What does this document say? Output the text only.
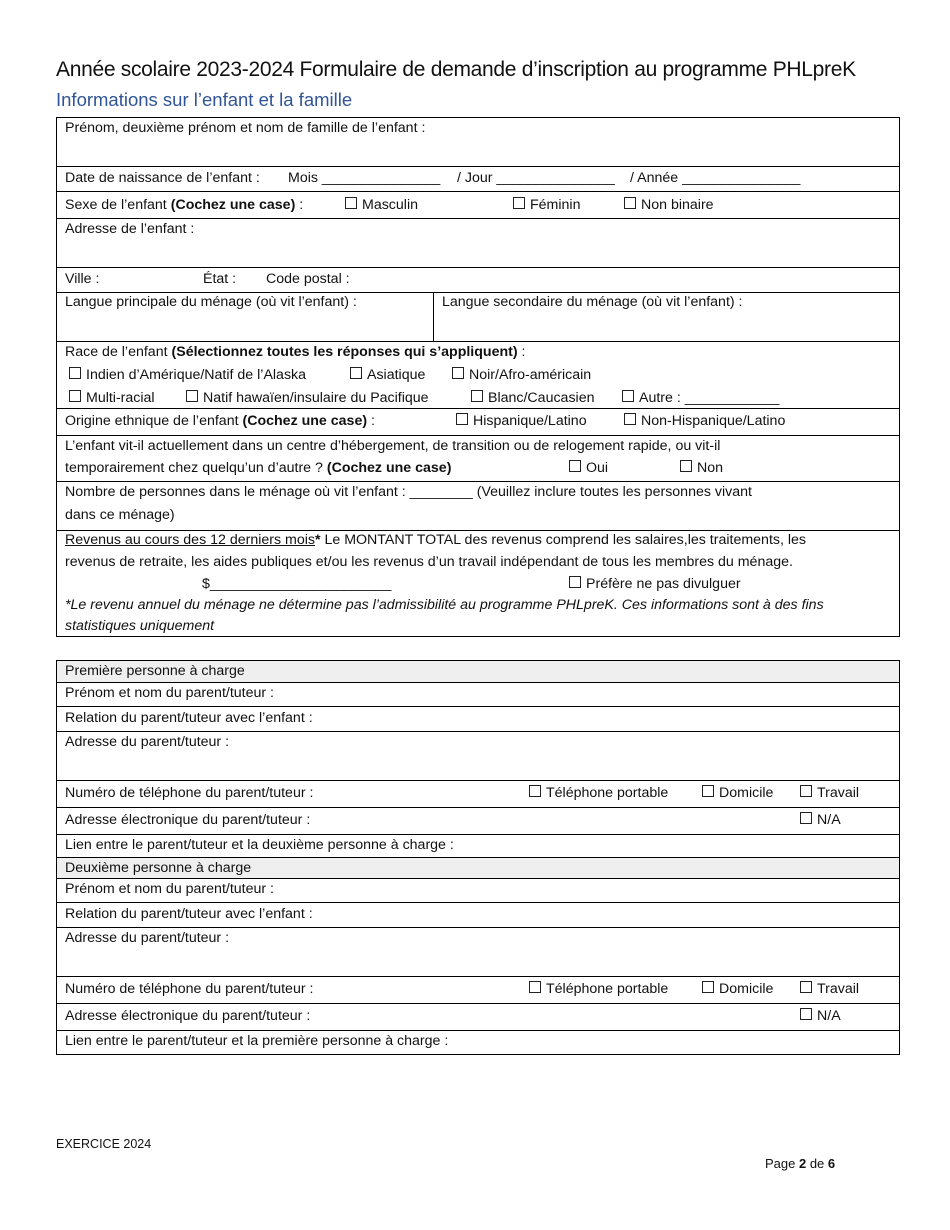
Année scolaire 2023-2024 Formulaire de demande d’inscription au programme PHLpreK
Informations sur l’enfant et la famille
Prénom, deuxième prénom et nom de famille de l’enfant :
Date de naissance de l’enfant : Mois _______________ / Jour _______________ / Année _______________
Sexe de l’enfant (Cochez une case) :	Masculin	Féminin	Non binaire
Adresse de l’enfant :
Ville :	État : Code postal :
Langue principale du ménage (où vit l’enfant) :	Langue secondaire du ménage (où vit l’enfant) :
Race de l’enfant (Sélectionnez toutes les réponses qui s’appliquent) :
Indien d’Amérique/Natif de l’Alaska	Asiatique	Noir/Afro-américain
Multi-racial	Natif hawaïen/insulaire du Pacifique	Blanc/Caucasien	Autre : ____________
Origine ethnique de l’enfant (Cochez une case) :	Hispanique/Latino	Non-Hispanique/Latino
L’enfant vit-il actuellement dans un centre d’hébergement, de transition ou de relogement rapide, ou vit-il
temporairement chez quelqu’un d’autre ? (Cochez une case)	Oui	Non
Nombre de personnes dans le ménage où vit l’enfant : ________ (Veuillez inclure toutes les personnes vivant
dans ce ménage)
Revenus au cours des 12 derniers mois* Le MONTANT TOTAL des revenus comprend les salaires,les traitements, les
revenus de retraite, les aides publiques et/ou les revenus d’un travail indépendant de tous les membres du ménage.
$_______________________	Préfère ne pas divulguer
*Le revenu annuel du ménage ne détermine pas l’admissibilité au programme PHLpreK. Ces informations sont à des fins
statistiques uniquement
Première personne à charge
Prénom et nom du parent/tuteur :
Relation du parent/tuteur avec l’enfant :
Adresse du parent/tuteur :
Numéro de téléphone du parent/tuteur :	Téléphone portable	Domicile	Travail
Adresse électronique du parent/tuteur :	N/A
Lien entre le parent/tuteur et la deuxième personne à charge :
Deuxième personne à charge
Prénom et nom du parent/tuteur :
Relation du parent/tuteur avec l’enfant :
Adresse du parent/tuteur :
Numéro de téléphone du parent/tuteur :	Téléphone portable	Domicile	Travail
Adresse électronique du parent/tuteur :	N/A
Lien entre le parent/tuteur et la première personne à charge :
EXERCICE 2024
Page 2 de 6
